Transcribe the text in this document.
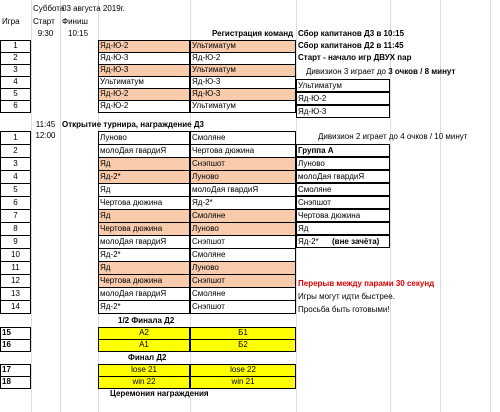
Суббота
03 августа 2019г.
Игра	Старт Финиш
9:30	10:15	Регистрация команд
1	Яд-Ю-2	Ультиматум
2	Яд-Ю-3	Яд-Ю-2
3	Яд-Ю-3	Ультиматум
4	Ультиматум	Яд-Ю-3
5	Яд-Ю-2	Яд-Ю-3
6	Яд-Ю-2	Ультиматум
Сбор капитанов Д3 в 10:15
Сбор капитанов Д2 в 11:45
Старт - начало игр ДВУХ пар
Дивизион 3 играет до 3 очков / 8 минут
Ультиматум
Яд-Ю-2
Яд-Ю-3
11:45 Открытие турнира, награждение Д3
12:00
1	Луново	Смоляне
2	молоДая гвардиЯ	Чертова дюжина
3	Яд	Снэпшот
4	Яд-2*	Луново
5	Яд	молоДая гвардиЯ
6	Чертова дюжина	Яд-2*
7	Яд	Смоляне
8	Чертова дюжина	Луново
9	молоДая гвардиЯ	Снэпшот
10	Яд-2*	Смоляне
11	Яд	Луново
12	Чертова дюжина	Снэпшот
13	молоДая гвардиЯ	Смоляне
14	Яд-2*	Снэпшот
Дивизион 2 играет до 4 очков / 10 минут
Группа А
Луново
молоДая гвардиЯ
Смоляне
Снэпшот
Чертова дюжина
Яд
Яд-2*	(вне зачёта)
Перерыв между парами 30 секунд
Игры могут идти быстрее.
Просьба быть готовыми!
1/2 Финала Д2
15	А2	Б1
16	А1	Б2
Финал Д2
17	lose 21	lose 22
18	win 22	win 21
Церемония награждения
